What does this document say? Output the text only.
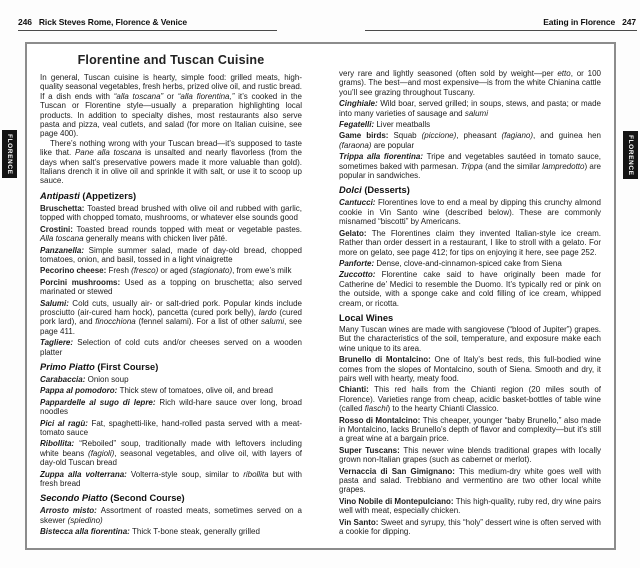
FLORENCE	FLORENCE
246 Rick Steves Rome, Florence & Venice	Eating in Florence 247
Florentine and Tuscan Cuisine

In general, Tuscan cuisine is hearty, simple food: grilled meats, high-quality seasonal vegetables, fresh herbs, prized olive oil, and rustic bread. If a dish ends with “alla toscana” or “alla fiorentina,” it’s cooked in the Tuscan or Florentine style—usually a preparation highlighting local products. In addition to specialty dishes, most restaurants also serve pasta and pizza, veal cutlets, and salad (for more on Italian cuisine, see page 400).

There’s nothing wrong with your Tuscan bread—it’s supposed to taste like that. Pane alla toscana is unsalted and nearly flavorless (from the days when salt’s preservative powers made it more valuable than gold). Italians drench it in olive oil and sprinkle it with salt, or use it to scoop up sauce.

Antipasti (Appetizers)

Bruschetta: Toasted bread brushed with olive oil and rubbed with garlic, topped with chopped tomato, mushrooms, or whatever else sounds good

Crostini: Toasted bread rounds topped with meat or vegetable pastes. Alla toscana generally means with chicken liver pâté.

Panzanella: Simple summer salad, made of day-old bread, chopped tomatoes, onion, and basil, tossed in a light vinaigrette

Pecorino cheese: Fresh (fresco) or aged (stagionato), from ewe’s milk

Porcini mushrooms: Used as a topping on bruschetta; also served marinated or stewed

Salumi: Cold cuts, usually air- or salt-dried pork. Popular kinds include prosciutto (air-cured ham hock), pancetta (cured pork belly), lardo (cured pork lard), and finocchiona (fennel salami). For a list of other salumi, see page 411.

Tagliere: Selection of cold cuts and/or cheeses served on a wooden platter

Primo Piatto (First Course)

Carabaccia: Onion soup

Pappa al pomodoro: Thick stew of tomatoes, olive oil, and bread

Pappardelle al sugo di lepre: Rich wild-hare sauce over long, broad noodles

Pici al ragù: Fat, spaghetti-like, hand-rolled pasta served with a meat-tomato sauce

Ribollita: “Reboiled” soup, traditionally made with leftovers including white beans (fagioli), seasonal vegetables, and olive oil, with layers of day-old Tuscan bread

Zuppa alla volterrana: Volterra-style soup, similar to ribollita but with fresh bread

Secondo Piatto (Second Course)

Arrosto misto: Assortment of roasted meats, sometimes served on a skewer (spiedino)

Bistecca alla fiorentina: Thick T-bone steak, generally grilled

very rare and lightly seasoned (often sold by weight—per etto, or 100 grams). The best—and most expensive—is from the white Chianina cattle you’ll see grazing throughout Tuscany.

Cinghiale: Wild boar, served grilled; in soups, stews, and pasta; or made into many varieties of sausage and salumi

Fegatelli: Liver meatballs

Game birds: Squab (piccione), pheasant (fagiano), and guinea hen (faraona) are popular

Trippa alla fiorentina: Tripe and vegetables sautéed in tomato sauce, sometimes baked with parmesan. Trippa (and the similar lampredotto) are popular in sandwiches.

Dolci (Desserts)

Cantucci: Florentines love to end a meal by dipping this crunchy almond cookie in Vin Santo wine (described below). These are commonly misnamed “biscotti” by Americans.

Gelato: The Florentines claim they invented Italian-style ice cream. Rather than order dessert in a restaurant, I like to stroll with a gelato. For more on gelato, see page 412; for tips on enjoying it here, see page 252.

Panforte: Dense, clove-and-cinnamon-spiced cake from Siena

Zuccotto: Florentine cake said to have originally been made for Catherine de’ Medici to resemble the Duomo. It’s typically red or pink on the outside, with a sponge cake and cold filling of ice cream, whipped cream, or ricotta.

Local Wines

Many Tuscan wines are made with sangiovese (“blood of Jupiter”) grapes. But the characteristics of the soil, temperature, and exposure make each wine unique to its area.

Brunello di Montalcino: One of Italy’s best reds, this full-bodied wine comes from the slopes of Montalcino, south of Siena. Smooth and dry, it pairs well with hearty, meaty food.

Chianti: This red hails from the Chianti region (20 miles south of Florence). Varieties range from cheap, acidic basket-bottles of table wine (called fiaschi) to the hearty Chianti Classico.

Rosso di Montalcino: This cheaper, younger “baby Brunello,” also made in Montalcino, lacks Brunello’s depth of flavor and complexity—but it’s still a great wine at a bargain price.

Super Tuscans: This newer wine blends traditional grapes with locally grown non-Italian grapes (such as cabernet or merlot).

Vernaccia di San Gimignano: This medium-dry white goes well with pasta and salad. Trebbiano and vermentino are two other local white grapes.

Vino Nobile di Montepulciano: This high-quality, ruby red, dry wine pairs well with meat, especially chicken.

Vin Santo: Sweet and syrupy, this “holy” dessert wine is often served with a cookie for dipping.
